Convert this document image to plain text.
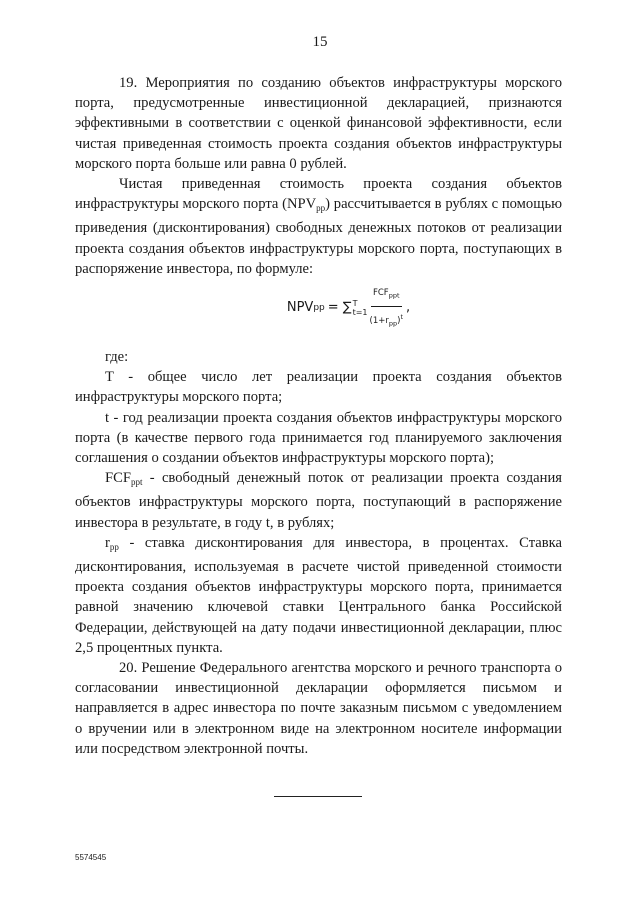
15

19. Мероприятия по созданию объектов инфраструктуры морского порта, предусмотренные инвестиционной декларацией, признаются эффективными в соответствии с оценкой финансовой эффективности, если чистая приведенная стоимость проекта создания объектов инфраструктуры морского порта больше или равна 0 рублей.

Чистая приведенная стоимость проекта создания объектов инфраструктуры морского порта $(NPV_{pp})$ рассчитывается в рублях с помощью приведения (дисконтирования) свободных денежных потоков от реализации проекта создания объектов инфраструктуры морского порта, поступающих в распоряжение инвестора, по формуле:

NPV pp = ∑ T
$t=1 \frac{FCF_{ppt}}{(1+r_{pp})^t}$ ,

где:

T - общее число лет реализации проекта создания объектов инфраструктуры морского порта;

t - год реализации проекта создания объектов инфраструктуры морского порта (в качестве первого года принимается год планируемого заключения соглашения о создании объектов инфраструктуры морского порта);

$FCF_{ppt}$ - свободный денежный поток от реализации проекта создания объектов инфраструктуры морского порта, поступающий в распоряжение инвестора в результате, в году t, в рублях;

$r_{pp}$ - ставка дисконтирования для инвестора, в процентах. Ставка дисконтирования, используемая в расчете чистой приведенной стоимости проекта создания объектов инфраструктуры морского порта, принимается равной значению ключевой ставки Центрального банка Российской Федерации, действующей на дату подачи инвестиционной декларации, плюс 2,5 процентных пункта.

20. Решение Федерального агентства морского и речного транспорта о согласовании инвестиционной декларации оформляется письмом и направляется в адрес инвестора по почте заказным письмом с уведомлением о вручении или в электронном виде на электронном носителе информации или посредством электронной почты.

5574545
